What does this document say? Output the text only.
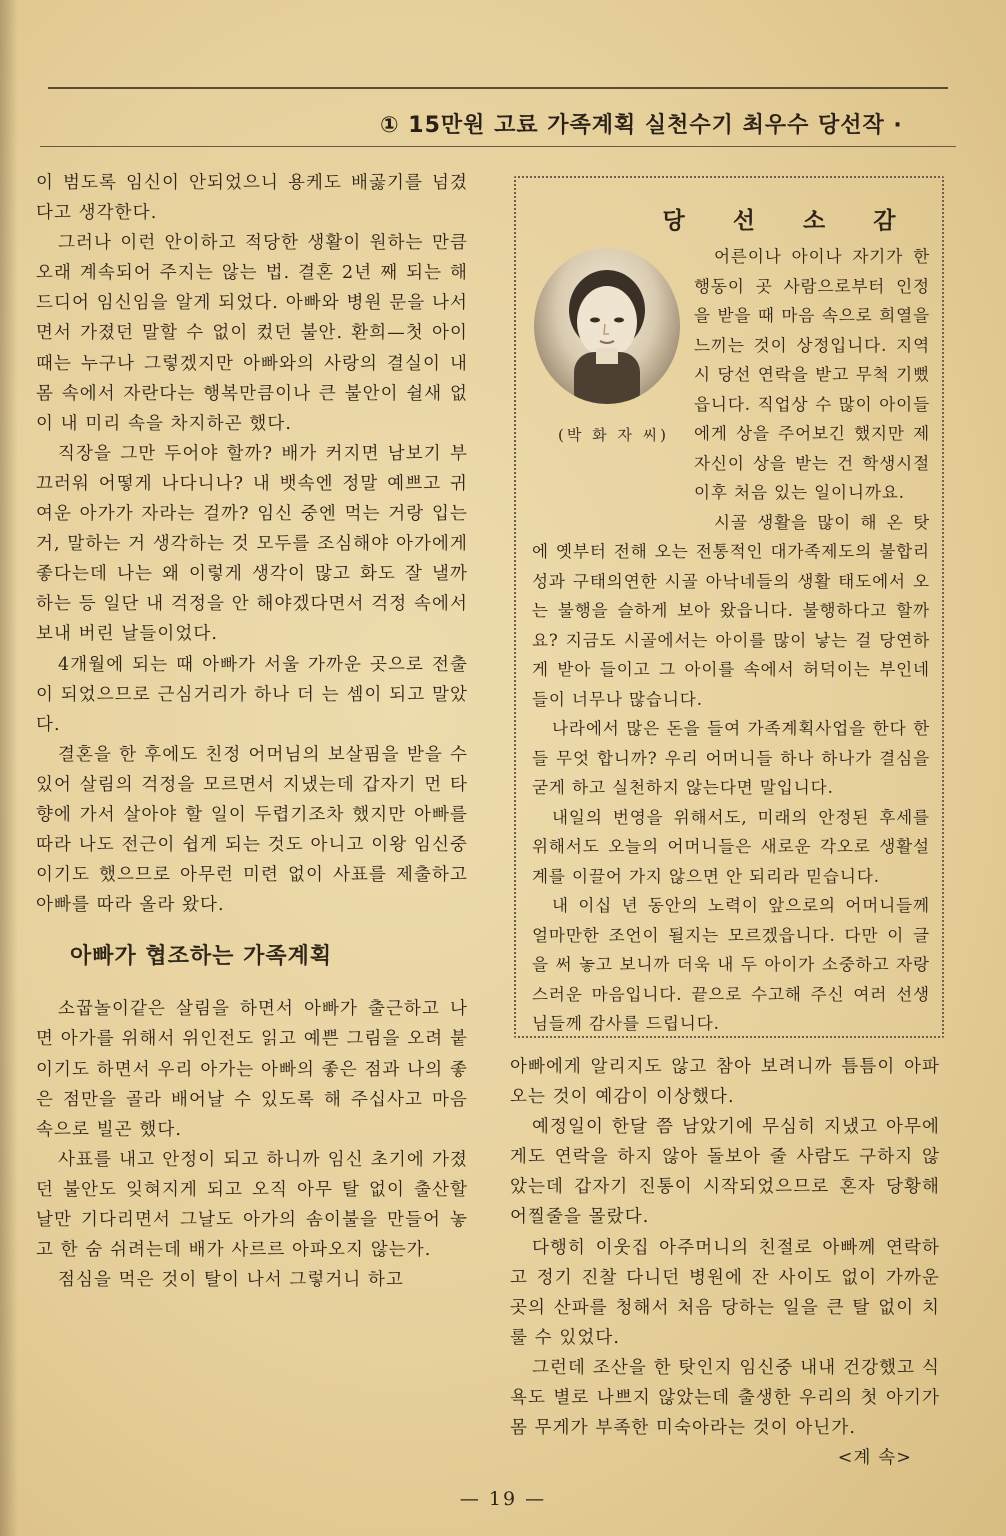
① 15만원 고료 가족계획 실천수기 최우수 당선작 ·

이 범도록 임신이 안되었으니 용케도 배곯기를 넘겼다고 생각한다.

그러나 이런 안이하고 적당한 생활이 원하는 만큼 오래 계속되어 주지는 않는 법. 결혼 2년 째 되는 해 드디어 임신임을 알게 되었다. 아빠와 병원 문을 나서면서 가졌던 말할 수 없이 컸던 불안. 환희—첫 아이 때는 누구나 그렇겠지만 아빠와의 사랑의 결실이 내 몸 속에서 자란다는 행복만큼이나 큰 불안이 쉴새 없이 내 미리 속을 차지하곤 했다.

직장을 그만 두어야 할까? 배가 커지면 남보기 부끄러워 어떻게 나다니나? 내 뱃속엔 정말 예쁘고 귀여운 아가가 자라는 걸까? 임신 중엔 먹는 거랑 입는 거, 말하는 거 생각하는 것 모두를 조심해야 아가에게 좋다는데 나는 왜 이렇게 생각이 많고 화도 잘 낼까 하는 등 일단 내 걱정을 안 해야겠다면서 걱정 속에서 보내 버린 날들이었다.

4개월에 되는 때 아빠가 서울 가까운 곳으로 전출이 되었으므로 근심거리가 하나 더 는 셈이 되고 말았다.

결혼을 한 후에도 친정 어머님의 보살핌을 받을 수 있어 살림의 걱정을 모르면서 지냈는데 갑자기 먼 타향에 가서 살아야 할 일이 두렵기조차 했지만 아빠를 따라 나도 전근이 쉽게 되는 것도 아니고 이왕 임신중이기도 했으므로 아무런 미련 없이 사표를 제출하고 아빠를 따라 올라 왔다.

아빠가 협조하는 가족계획

소꿉놀이같은 살림을 하면서 아빠가 출근하고 나면 아가를 위해서 위인전도 읽고 예쁜 그림을 오려 붙이기도 하면서 우리 아가는 아빠의 좋은 점과 나의 좋은 점만을 골라 배어날 수 있도록 해 주십사고 마음 속으로 빌곤 했다.

사표를 내고 안정이 되고 하니까 임신 초기에 가졌던 불안도 잊혀지게 되고 오직 아무 탈 없이 출산할 날만 기다리면서 그날도 아가의 솜이불을 만들어 놓고 한 숨 쉬려는데 배가 사르르 아파오지 않는가.

점심을 먹은 것이 탈이 나서 그렇거니 하고

당 선 소 감
(박 화 자 씨)

어른이나 아이나 자기가 한 행동이 곳 사람으로부터 인정을 받을 때 마음 속으로 희열을 느끼는 것이 상정입니다. 지역시 당선 연락을 받고 무척 기뻤읍니다. 직업상 수 많이 아이들에게 상을 주어보긴 했지만 제 자신이 상을 받는 건 학생시절 이후 처음 있는 일이니까요.

시골 생활을 많이 해 온 탓에 옛부터 전해 오는 전통적인 대가족제도의 불합리성과 구태의연한 시골 아낙네들의 생활 태도에서 오는 불행을 슬하게 보아 왔읍니다. 불행하다고 할까요? 지금도 시골에서는 아이를 많이 낳는 걸 당연하게 받아 들이고 그 아이를 속에서 허덕이는 부인네들이 너무나 많습니다.

나라에서 많은 돈을 들여 가족계획사업을 한다 한들 무엇 합니까? 우리 어머니들 하나 하나가 결심을 굳게 하고 실천하지 않는다면 말입니다.

내일의 번영을 위해서도, 미래의 안정된 후세를 위해서도 오늘의 어머니들은 새로운 각오로 생활설계를 이끌어 가지 않으면 안 되리라 믿습니다.

내 이십 년 동안의 노력이 앞으로의 어머니들께 얼마만한 조언이 될지는 모르겠읍니다. 다만 이 글을 써 놓고 보니까 더욱 내 두 아이가 소중하고 자랑스러운 마음입니다. 끝으로 수고해 주신 여러 선생님들께 감사를 드립니다.

아빠에게 알리지도 않고 참아 보려니까 틈틈이 아파오는 것이 예감이 이상했다.

예정일이 한달 쯤 남았기에 무심히 지냈고 아무에게도 연락을 하지 않아 돌보아 줄 사람도 구하지 않았는데 갑자기 진통이 시작되었으므로 혼자 당황해 어찔줄을 몰랐다.

다행히 이웃집 아주머니의 친절로 아빠께 연락하고 정기 진찰 다니던 병원에 잔 사이도 없이 가까운 곳의 산파를 청해서 처음 당하는 일을 큰 탈 없이 치룰 수 있었다.

그런데 조산을 한 탓인지 임신중 내내 건강했고 식욕도 별로 나쁘지 않았는데 출생한 우리의 첫 아기가 몸 무게가 부족한 미숙아라는 것이 아닌가.

<계 속>
— 19 —
